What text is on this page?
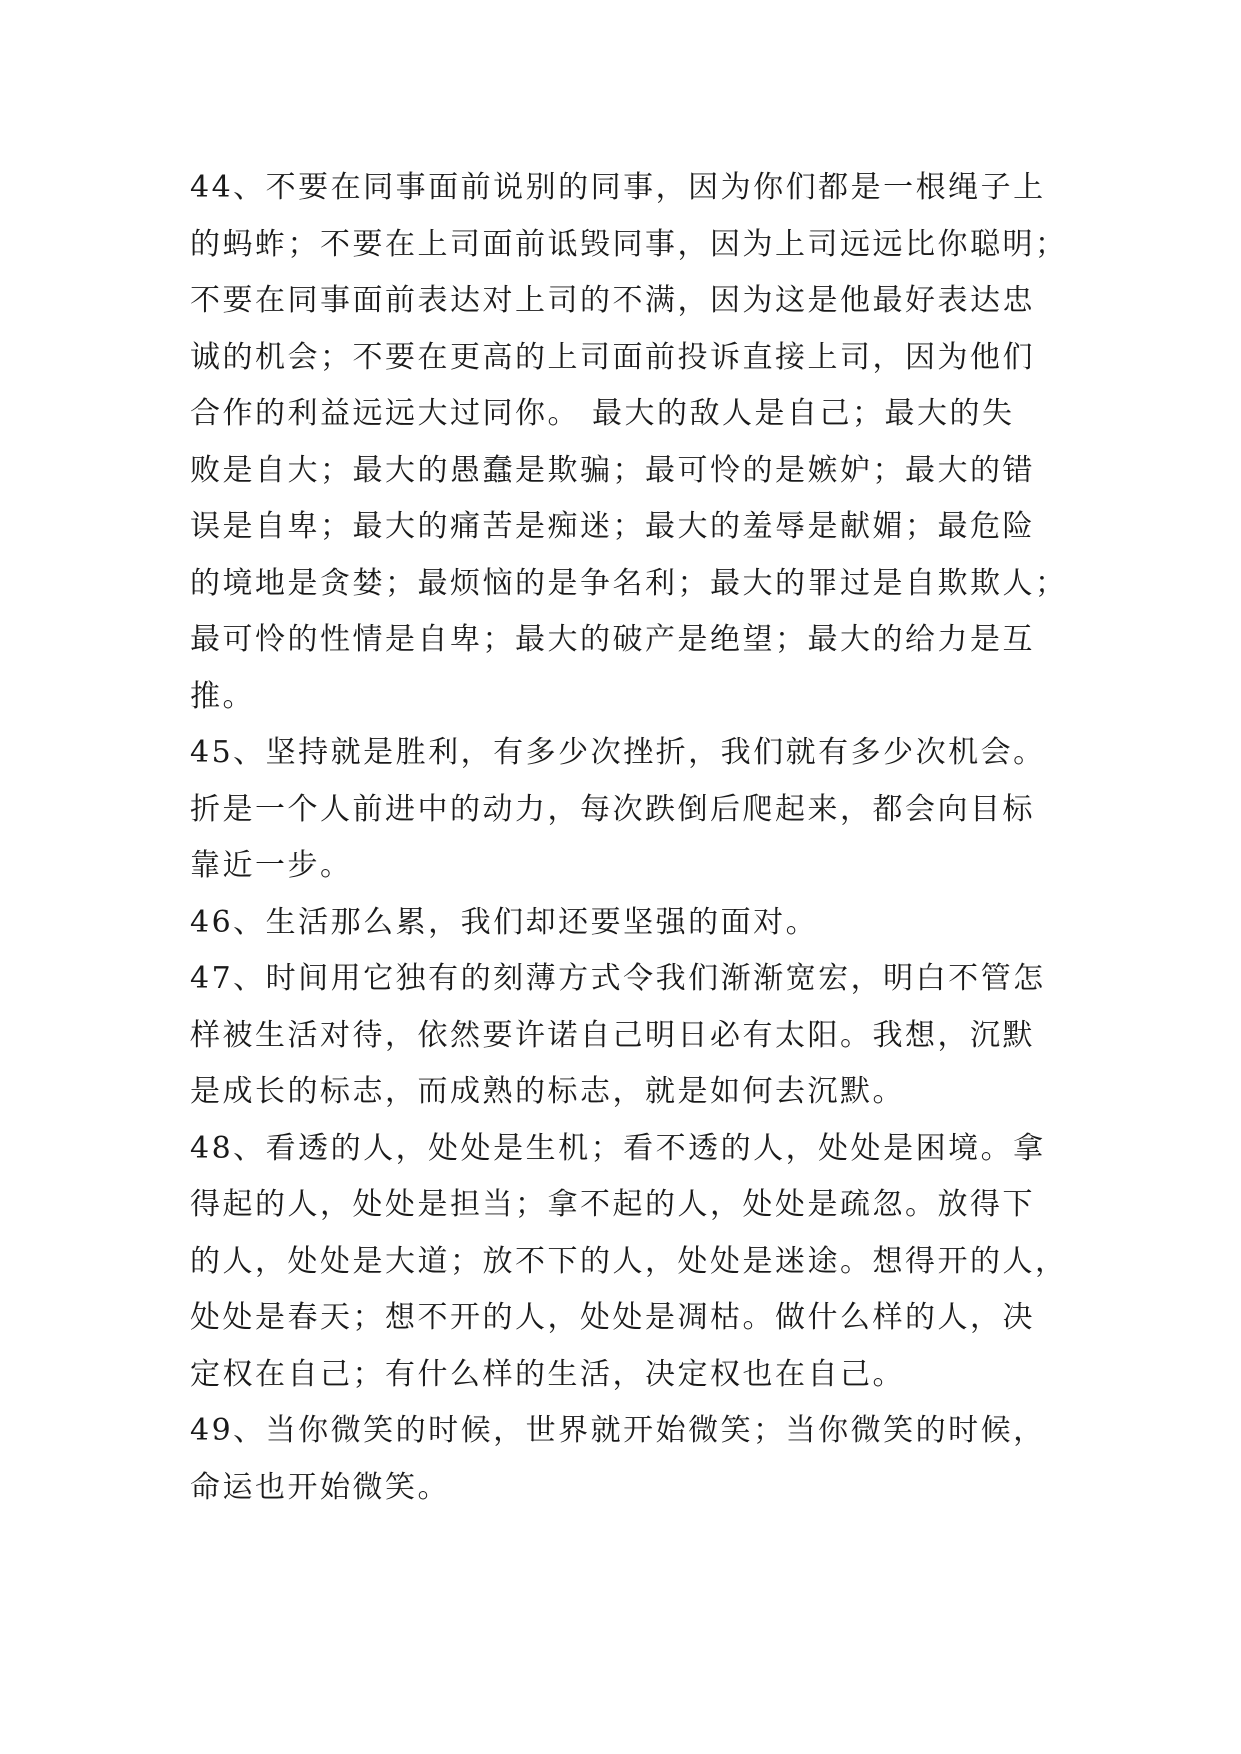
44、不要在同事面前说别的同事，因为你们都是一根绳子上
的蚂蚱；不要在上司面前诋毁同事，因为上司远远比你聪明；
不要在同事面前表达对上司的不满，因为这是他最好表达忠
诚的机会；不要在更高的上司面前投诉直接上司，因为他们
合作的利益远远大过同你。 最大的敌人是自己；最大的失
败是自大；最大的愚蠢是欺骗；最可怜的是嫉妒；最大的错
误是自卑；最大的痛苦是痴迷；最大的羞辱是献媚；最危险
的境地是贪婪；最烦恼的是争名利；最大的罪过是自欺欺人；
最可怜的性情是自卑；最大的破产是绝望；最大的给力是互
推。
45、坚持就是胜利，有多少次挫折，我们就有多少次机会。
折是一个人前进中的动力，每次跌倒后爬起来，都会向目标
靠近一步。
46、生活那么累，我们却还要坚强的面对。
47、时间用它独有的刻薄方式令我们渐渐宽宏，明白不管怎
样被生活对待，依然要许诺自己明日必有太阳。我想，沉默
是成长的标志，而成熟的标志，就是如何去沉默。
48、看透的人，处处是生机；看不透的人，处处是困境。拿
得起的人，处处是担当；拿不起的人，处处是疏忽。放得下
的人，处处是大道；放不下的人，处处是迷途。想得开的人，
处处是春天；想不开的人，处处是凋枯。做什么样的人，决
定权在自己；有什么样的生活，决定权也在自己。
49、当你微笑的时候，世界就开始微笑；当你微笑的时候，
命运也开始微笑。
